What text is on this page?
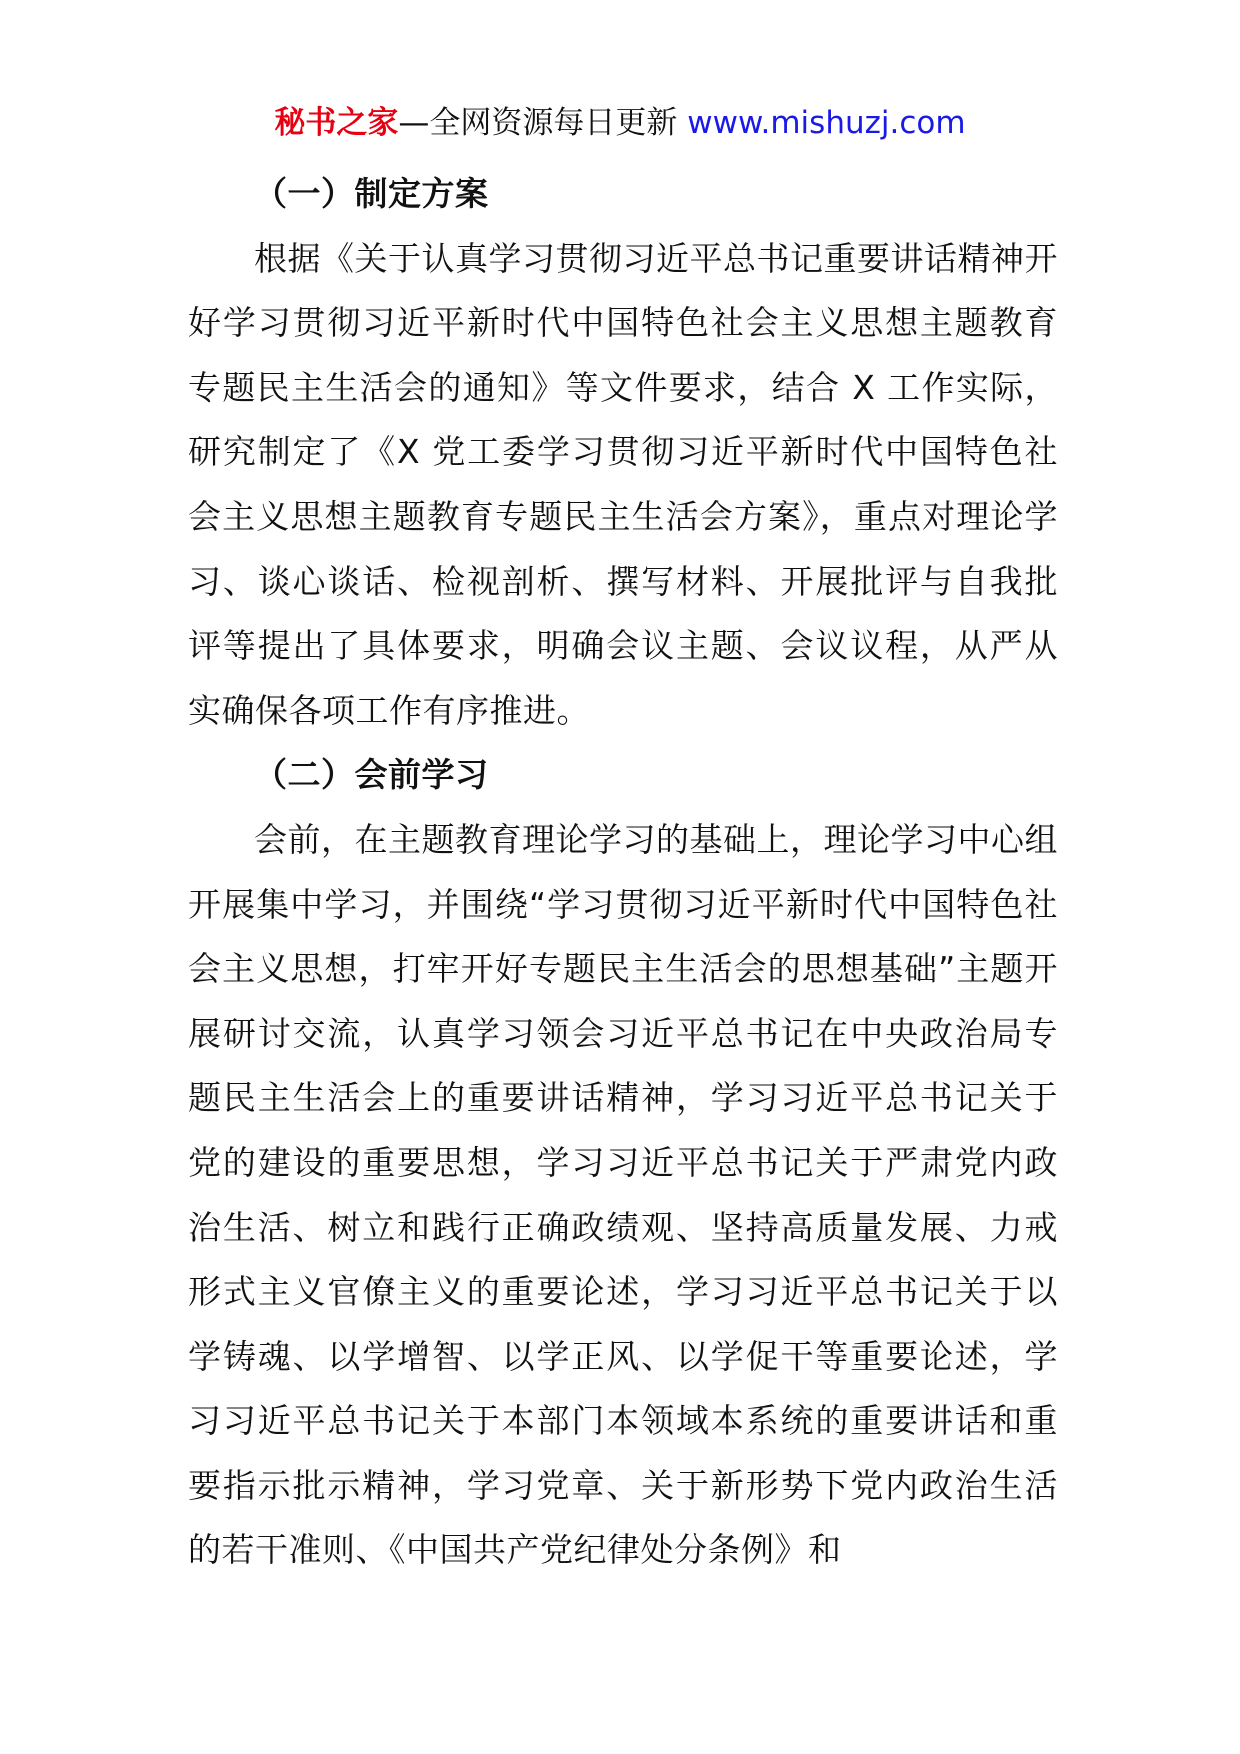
秘书之家—全网资源每日更新 www.mishuzj.com
（一）制定方案

根据《关于认真学习贯彻习近平总书记重要讲话精神开好学习贯彻习近平新时代中国特色社会主义思想主题教育专题民主生活会的通知》等文件要求，结合 X 工作实际，研究制定了《X 党工委学习贯彻习近平新时代中国特色社会主义思想主题教育专题民主生活会方案》，重点对理论学习、谈心谈话、检视剖析、撰写材料、开展批评与自我批评等提出了具体要求，明确会议主题、会议议程，从严从实确保各项工作有序推进。

（二）会前学习

会前，在主题教育理论学习的基础上，理论学习中心组开展集中学习，并围绕“学习贯彻习近平新时代中国特色社会主义思想，打牢开好专题民主生活会的思想基础”主题开展研讨交流，认真学习领会习近平总书记在中央政治局专题民主生活会上的重要讲话精神，学习习近平总书记关于党的建设的重要思想，学习习近平总书记关于严肃党内政治生活、树立和践行正确政绩观、坚持高质量发展、力戒形式主义官僚主义的重要论述，学习习近平总书记关于以学铸魂、以学增智、以学正风、以学促干等重要论述，学习习近平总书记关于本部门本领域本系统的重要讲话和重要指示批示精神，学习党章、关于新形势下党内政治生活的若干准则、《中国共产党纪律处分条例》和
